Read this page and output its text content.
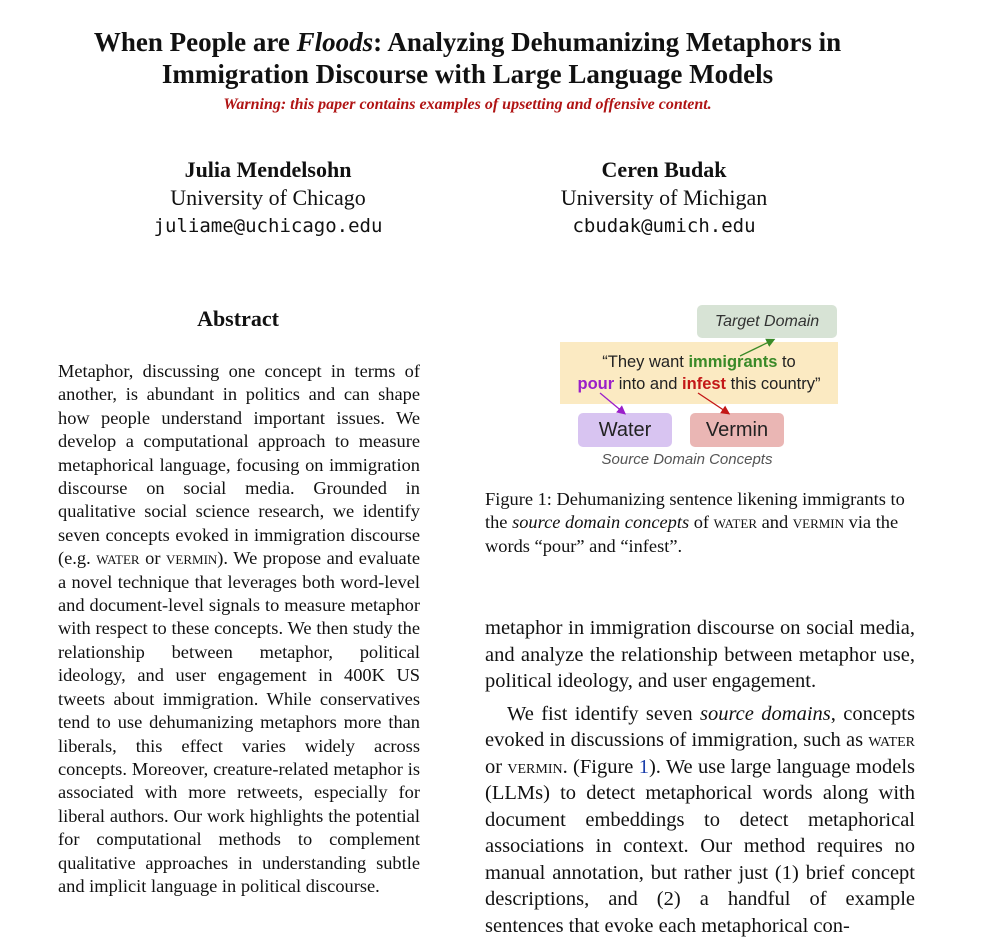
When People are Floods: Analyzing Dehumanizing Metaphors in
Immigration Discourse with Large Language Models
Warning: this paper contains examples of upsetting and offensive content.
Julia Mendelsohn
University of Chicago
juliame@uchicago.edu
Ceren Budak
University of Michigan
cbudak@umich.edu
Abstract
Metaphor, discussing one concept in terms of another, is abundant in politics and can shape how people understand important issues. We develop a computational approach to measure metaphorical language, focusing on immigration discourse on social media. Grounded in qualitative social science research, we identify seven concepts evoked in immigration discourse (e.g. water or vermin). We propose and evaluate a novel technique that leverages both word-level and document-level signals to measure metaphor with respect to these concepts. We then study the relationship between metaphor, political ideology, and user engagement in 400K US tweets about immigration. While conservatives tend to use dehumanizing metaphors more than liberals, this effect varies widely across concepts. Moreover, creature-related metaphor is associated with more retweets, especially for liberal authors. Our work highlights the potential for computational methods to complement qualitative approaches in understanding subtle and implicit language in political discourse.
Target Domain
“They want immigrants to
pour into and infest this country”
Water	Vermin
Source Domain Concepts
Figure 1: Dehumanizing sentence likening immigrants to the source domain concepts of water and vermin via the words “pour” and “infest”.

metaphor in immigration discourse on social media, and analyze the relationship between metaphor use, political ideology, and user engagement.

We fist identify seven source domains, concepts evoked in discussions of immigration, such as water or vermin. (Figure 1). We use large language models (LLMs) to detect metaphorical words along with document embeddings to detect metaphorical associations in context. Our method requires no manual annotation, but rather just (1) brief concept descriptions, and (2) a handful of example sentences that evoke each metaphorical con-
